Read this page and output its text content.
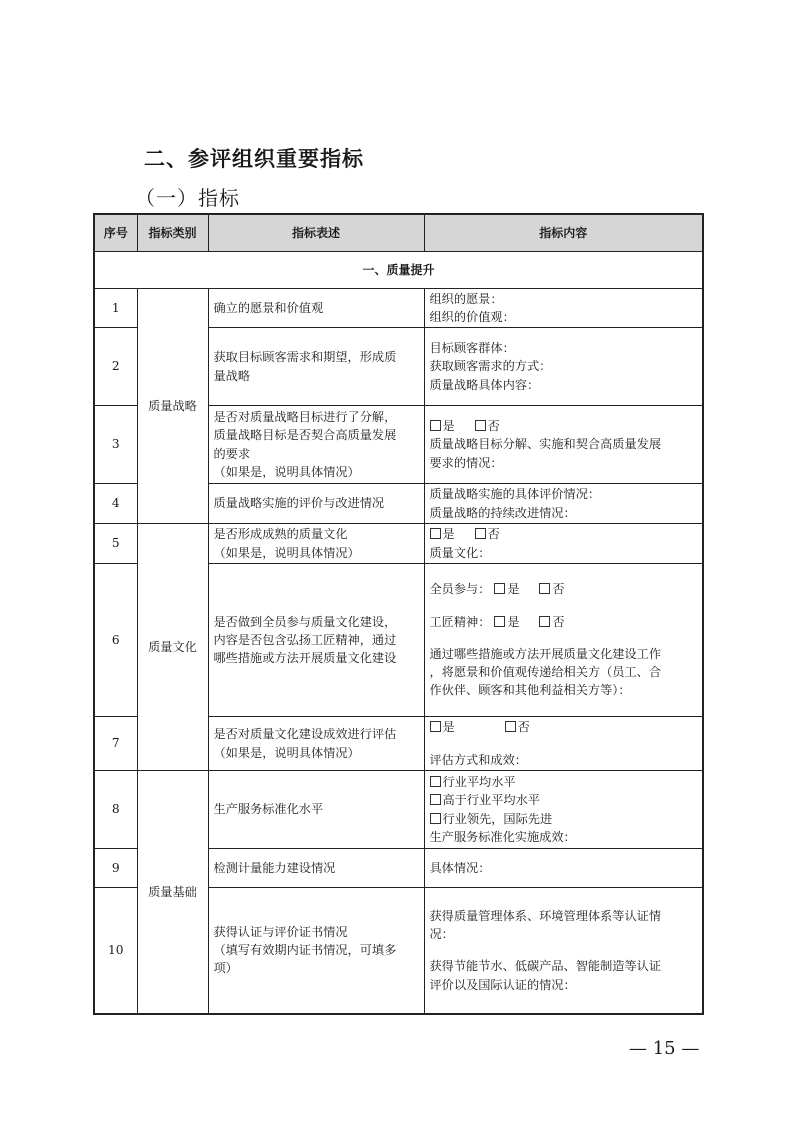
二、参评组织重要指标
（一）指标
序号	指标类别	指标表述	指标内容
一、质量提升			
1	质量战略	确立的愿景和价值观	组织的愿景：
组织的价值观：

2		获取目标顾客需求和期望，形成质
量战略	目标顾客群体：
获取顾客需求的方式：
质量战略具体内容：

3		是否对质量战略目标进行了分解，
质量战略目标是否契合高质量发展
的要求
（如果是，说明具体情况）	是 否
质量战略目标分解、实施和契合高质量发展
要求的情况：

4		质量战略实施的评价与改进情况	质量战略实施的具体评价情况：
质量战略的持续改进情况：

5	质量文化	是否形成成熟的质量文化
（如果是，说明具体情况）	是 否
质量文化：

6		是否做到全员参与质量文化建设，
内容是否包含弘扬工匠精神，通过
哪些措施或方法开展质量文化建设	全员参与： 是 否
工匠精神： 是 否
通过哪些措施或方法开展质量文化建设工作
，将愿景和价值观传递给相关方（员工、合
作伙伴、顾客和其他利益相关方等）：

7		是否对质量文化建设成效进行评估
（如果是，说明具体情况）	是 否
评估方式和成效：

8	质量基础	生产服务标准化水平	行业平均水平
高于行业平均水平
行业领先，国际先进
生产服务标准化实施成效：

9		检测计量能力建设情况	具体情况：

10		获得认证与评价证书情况
（填写有效期内证书情况，可填多
项）	获得质量管理体系、环境管理体系等认证情
况：
获得节能节水、低碳产品、智能制造等认证
评价以及国际认证的情况：
— 15 —
